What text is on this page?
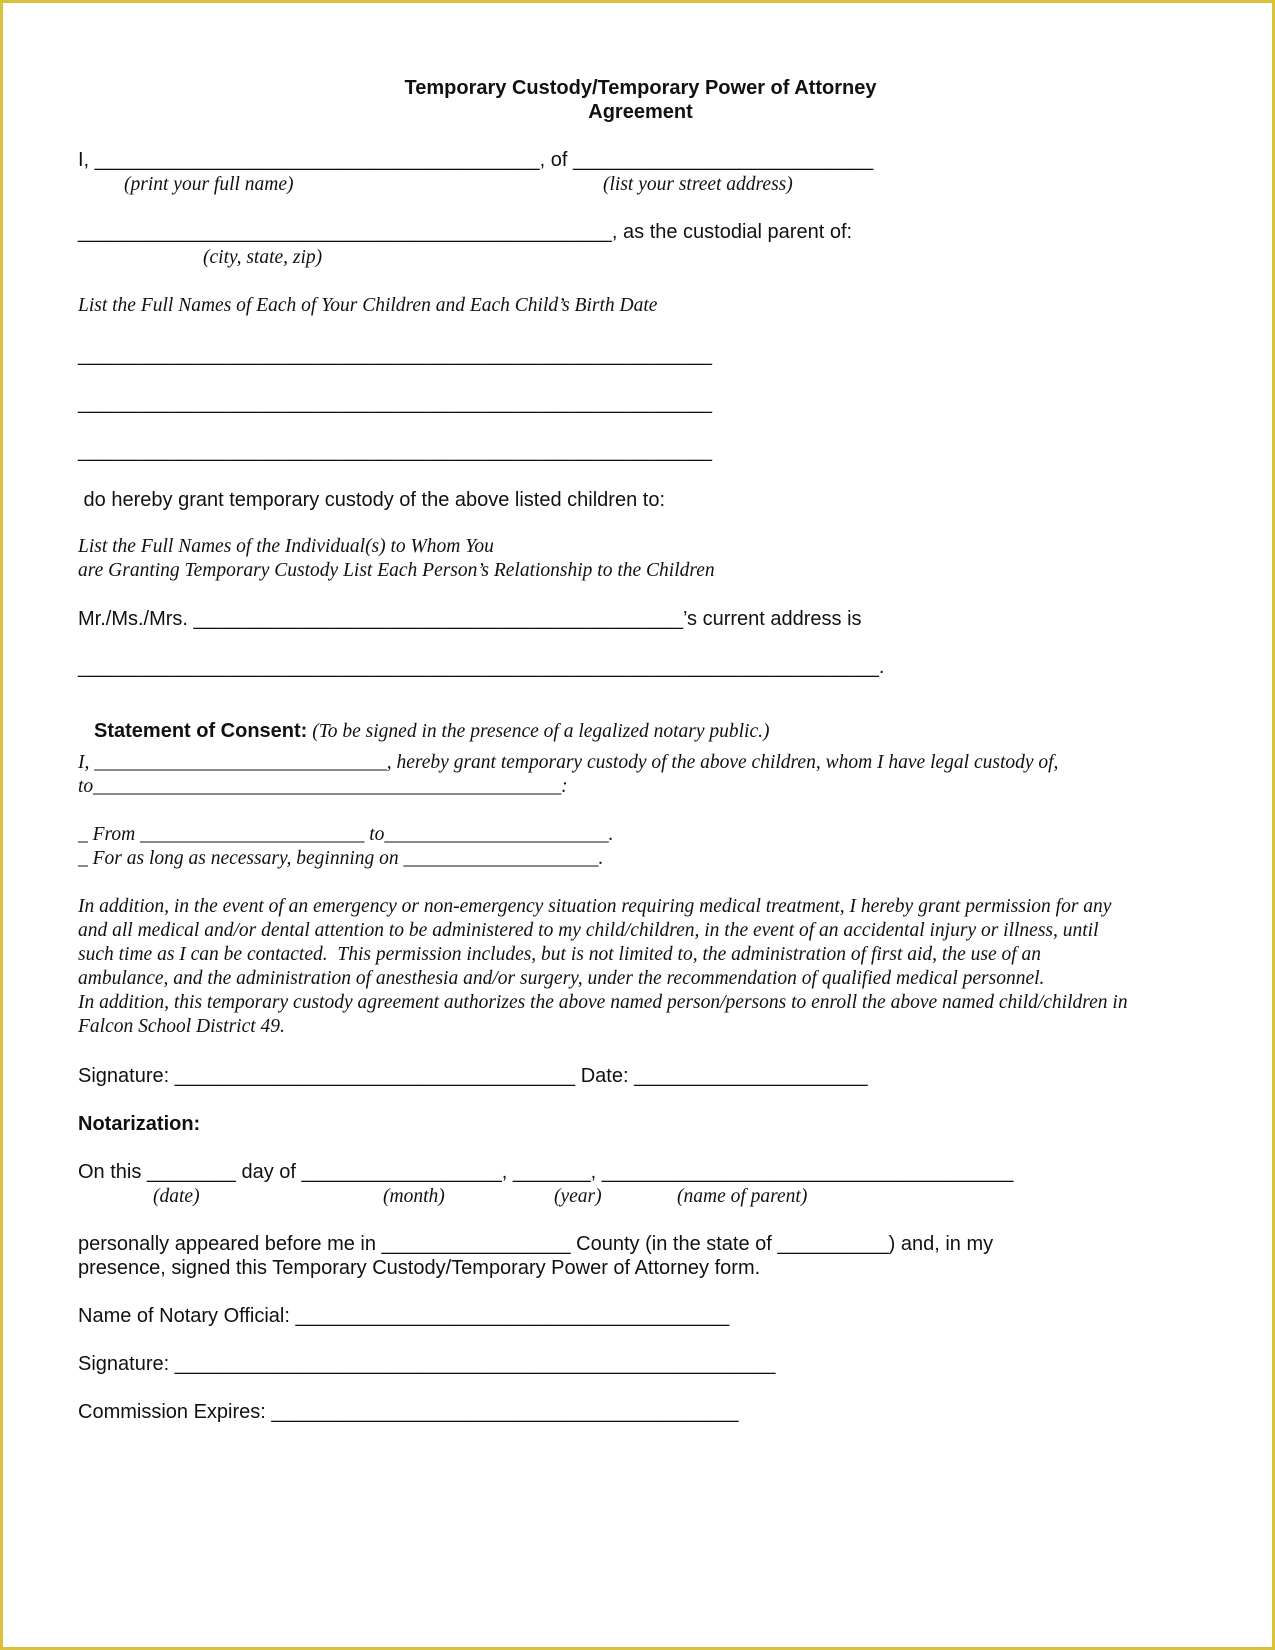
Temporary Custody/Temporary Power of Attorney
Agreement
I, ________________________________________, of ___________________________
(print your full name)	(list your street address)
________________________________________________, as the custodial parent of:
(city, state, zip)
List the Full Names of Each of Your Children and Each Child’s Birth Date
_________________________________________________________
_________________________________________________________
_________________________________________________________
do hereby grant temporary custody of the above listed children to:
List the Full Names of the Individual(s) to Whom You
are Granting Temporary Custody List Each Person’s Relationship to the Children
Mr./Ms./Mrs. ____________________________________________’s current address is
________________________________________________________________________.

Statement of Consent: (To be signed in the presence of a legalized notary public.)

I, ______________________________, hereby grant temporary custody of the above children, whom I have legal custody of,
to________________________________________________:
_ From _______________________ to_______________________.
_ For as long as necessary, beginning on ____________________.
In addition, in the event of an emergency or non-emergency situation requiring medical treatment, I hereby grant permission for any
and all medical and/or dental attention to be administered to my child/children, in the event of an accidental injury or illness, until
such time as I can be contacted.  This permission includes, but is not limited to, the administration of first aid, the use of an
ambulance, and the administration of anesthesia and/or surgery, under the recommendation of qualified medical personnel.
In addition, this temporary custody agreement authorizes the above named person/persons to enroll the above named child/children in
Falcon School District 49.
Signature: ____________________________________ Date: _____________________
Notarization:
On this ________ day of __________________, _______, _____________________________________
(date)	(month)	(year)	(name of parent)
personally appeared before me in _________________ County (in the state of __________) and, in my
presence, signed this Temporary Custody/Temporary Power of Attorney form.
Name of Notary Official: _______________________________________
Signature: ______________________________________________________
Commission Expires: __________________________________________
